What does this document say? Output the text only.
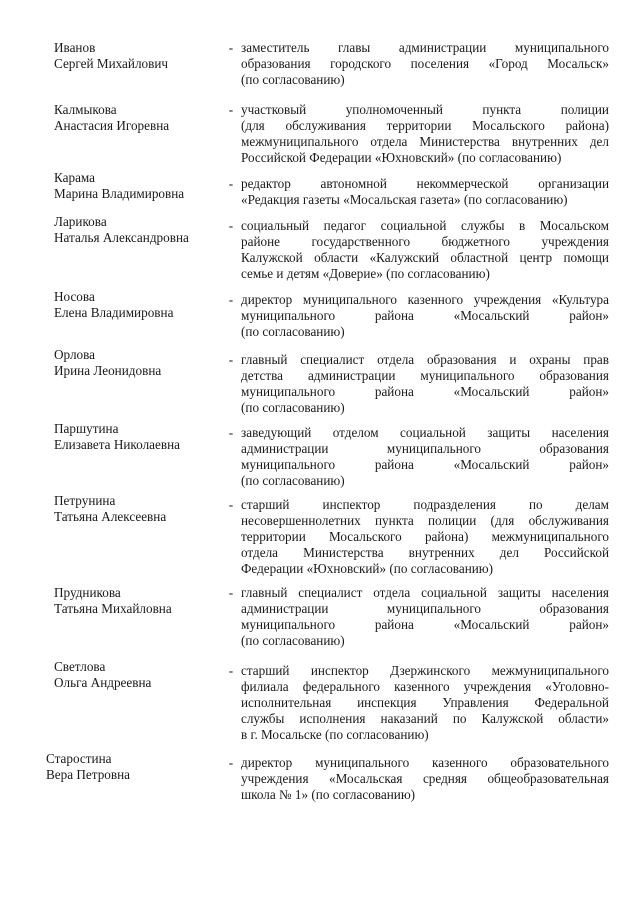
Иванов
Сергей Михайлович
- заместитель главы администрации муниципального
образования городского поселения «Город Мосальск»
(по согласованию)
Калмыкова
Анастасия Игоревна
- участковый уполномоченный пункта полиции
(для обслуживания территории Мосальского района)
межмуниципального отдела Министерства внутренних дел
Российской Федерации «Юхновский» (по согласованию)
Карама
Марина Владимировна
- редактор автономной некоммерческой организации
«Редакция газеты «Мосальская газета» (по согласованию)
Ларикова
Наталья Александровна
- социальный педагог социальной службы в Мосальском
районе государственного бюджетного учреждения
Калужской области «Калужский областной центр помощи
семье и детям «Доверие» (по согласованию)
Носова
Елена Владимировна
- директор муниципального казенного учреждения «Культура
муниципального района «Мосальский район»
(по согласованию)
Орлова
Ирина Леонидовна
- главный специалист отдела образования и охраны прав
детства администрации муниципального образования
муниципального района «Мосальский район»
(по согласованию)
Паршутина
Елизавета Николаевна
- заведующий отделом социальной защиты населения
администрации муниципального образования
муниципального района «Мосальский район»
(по согласованию)
Петрунина
Татьяна Алексеевна
- старший инспектор подразделения по делам
несовершеннолетних пункта полиции (для обслуживания
территории Мосальского района) межмуниципального
отдела Министерства внутренних дел Российской
Федерации «Юхновский» (по согласованию)
Прудникова
Татьяна Михайловна
- главный специалист отдела социальной защиты населения
администрации муниципального образования
муниципального района «Мосальский район»
(по согласованию)
Светлова
Ольга Андреевна
- старший инспектор Дзержинского межмуниципального
филиала федерального казенного учреждения «Уголовно-
исполнительная инспекция Управления Федеральной
службы исполнения наказаний по Калужской области»
в г. Мосальске (по согласованию)
Старостина
Вера Петровна
- директор муниципального казенного образовательного
учреждения «Мосальская средняя общеобразовательная
школа № 1» (по согласованию)
